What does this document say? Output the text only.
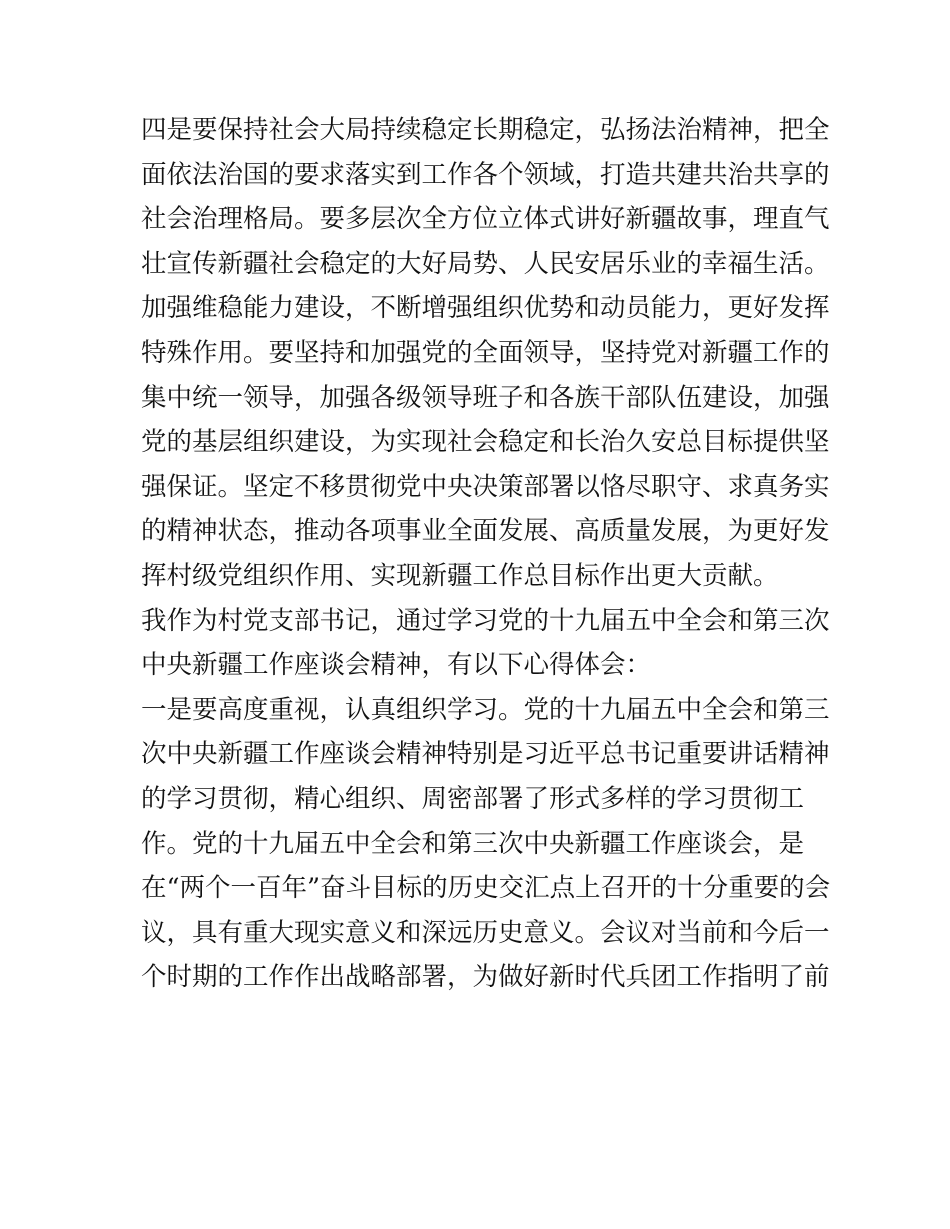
四是要保持社会大局持续稳定长期稳定，弘扬法治精神，把全
面依法治国的要求落实到工作各个领域，打造共建共治共享的
社会治理格局。要多层次全方位立体式讲好新疆故事，理直气
壮宣传新疆社会稳定的大好局势、人民安居乐业的幸福生活。
加强维稳能力建设，不断增强组织优势和动员能力，更好发挥
特殊作用。要坚持和加强党的全面领导，坚持党对新疆工作的
集中统一领导，加强各级领导班子和各族干部队伍建设，加强
党的基层组织建设，为实现社会稳定和长治久安总目标提供坚
强保证。坚定不移贯彻党中央决策部署以恪尽职守、求真务实
的精神状态，推动各项事业全面发展、高质量发展，为更好发
挥村级党组织作用、实现新疆工作总目标作出更大贡献。
我作为村党支部书记，通过学习党的十九届五中全会和第三次
中央新疆工作座谈会精神，有以下心得体会：
一是要高度重视，认真组织学习。党的十九届五中全会和第三
次中央新疆工作座谈会精神特别是习近平总书记重要讲话精神
的学习贯彻，精心组织、周密部署了形式多样的学习贯彻工
作。党的十九届五中全会和第三次中央新疆工作座谈会，是
在“两个一百年”奋斗目标的历史交汇点上召开的十分重要的会
议，具有重大现实意义和深远历史意义。会议对当前和今后一
个时期的工作作出战略部署，为做好新时代兵团工作指明了前
